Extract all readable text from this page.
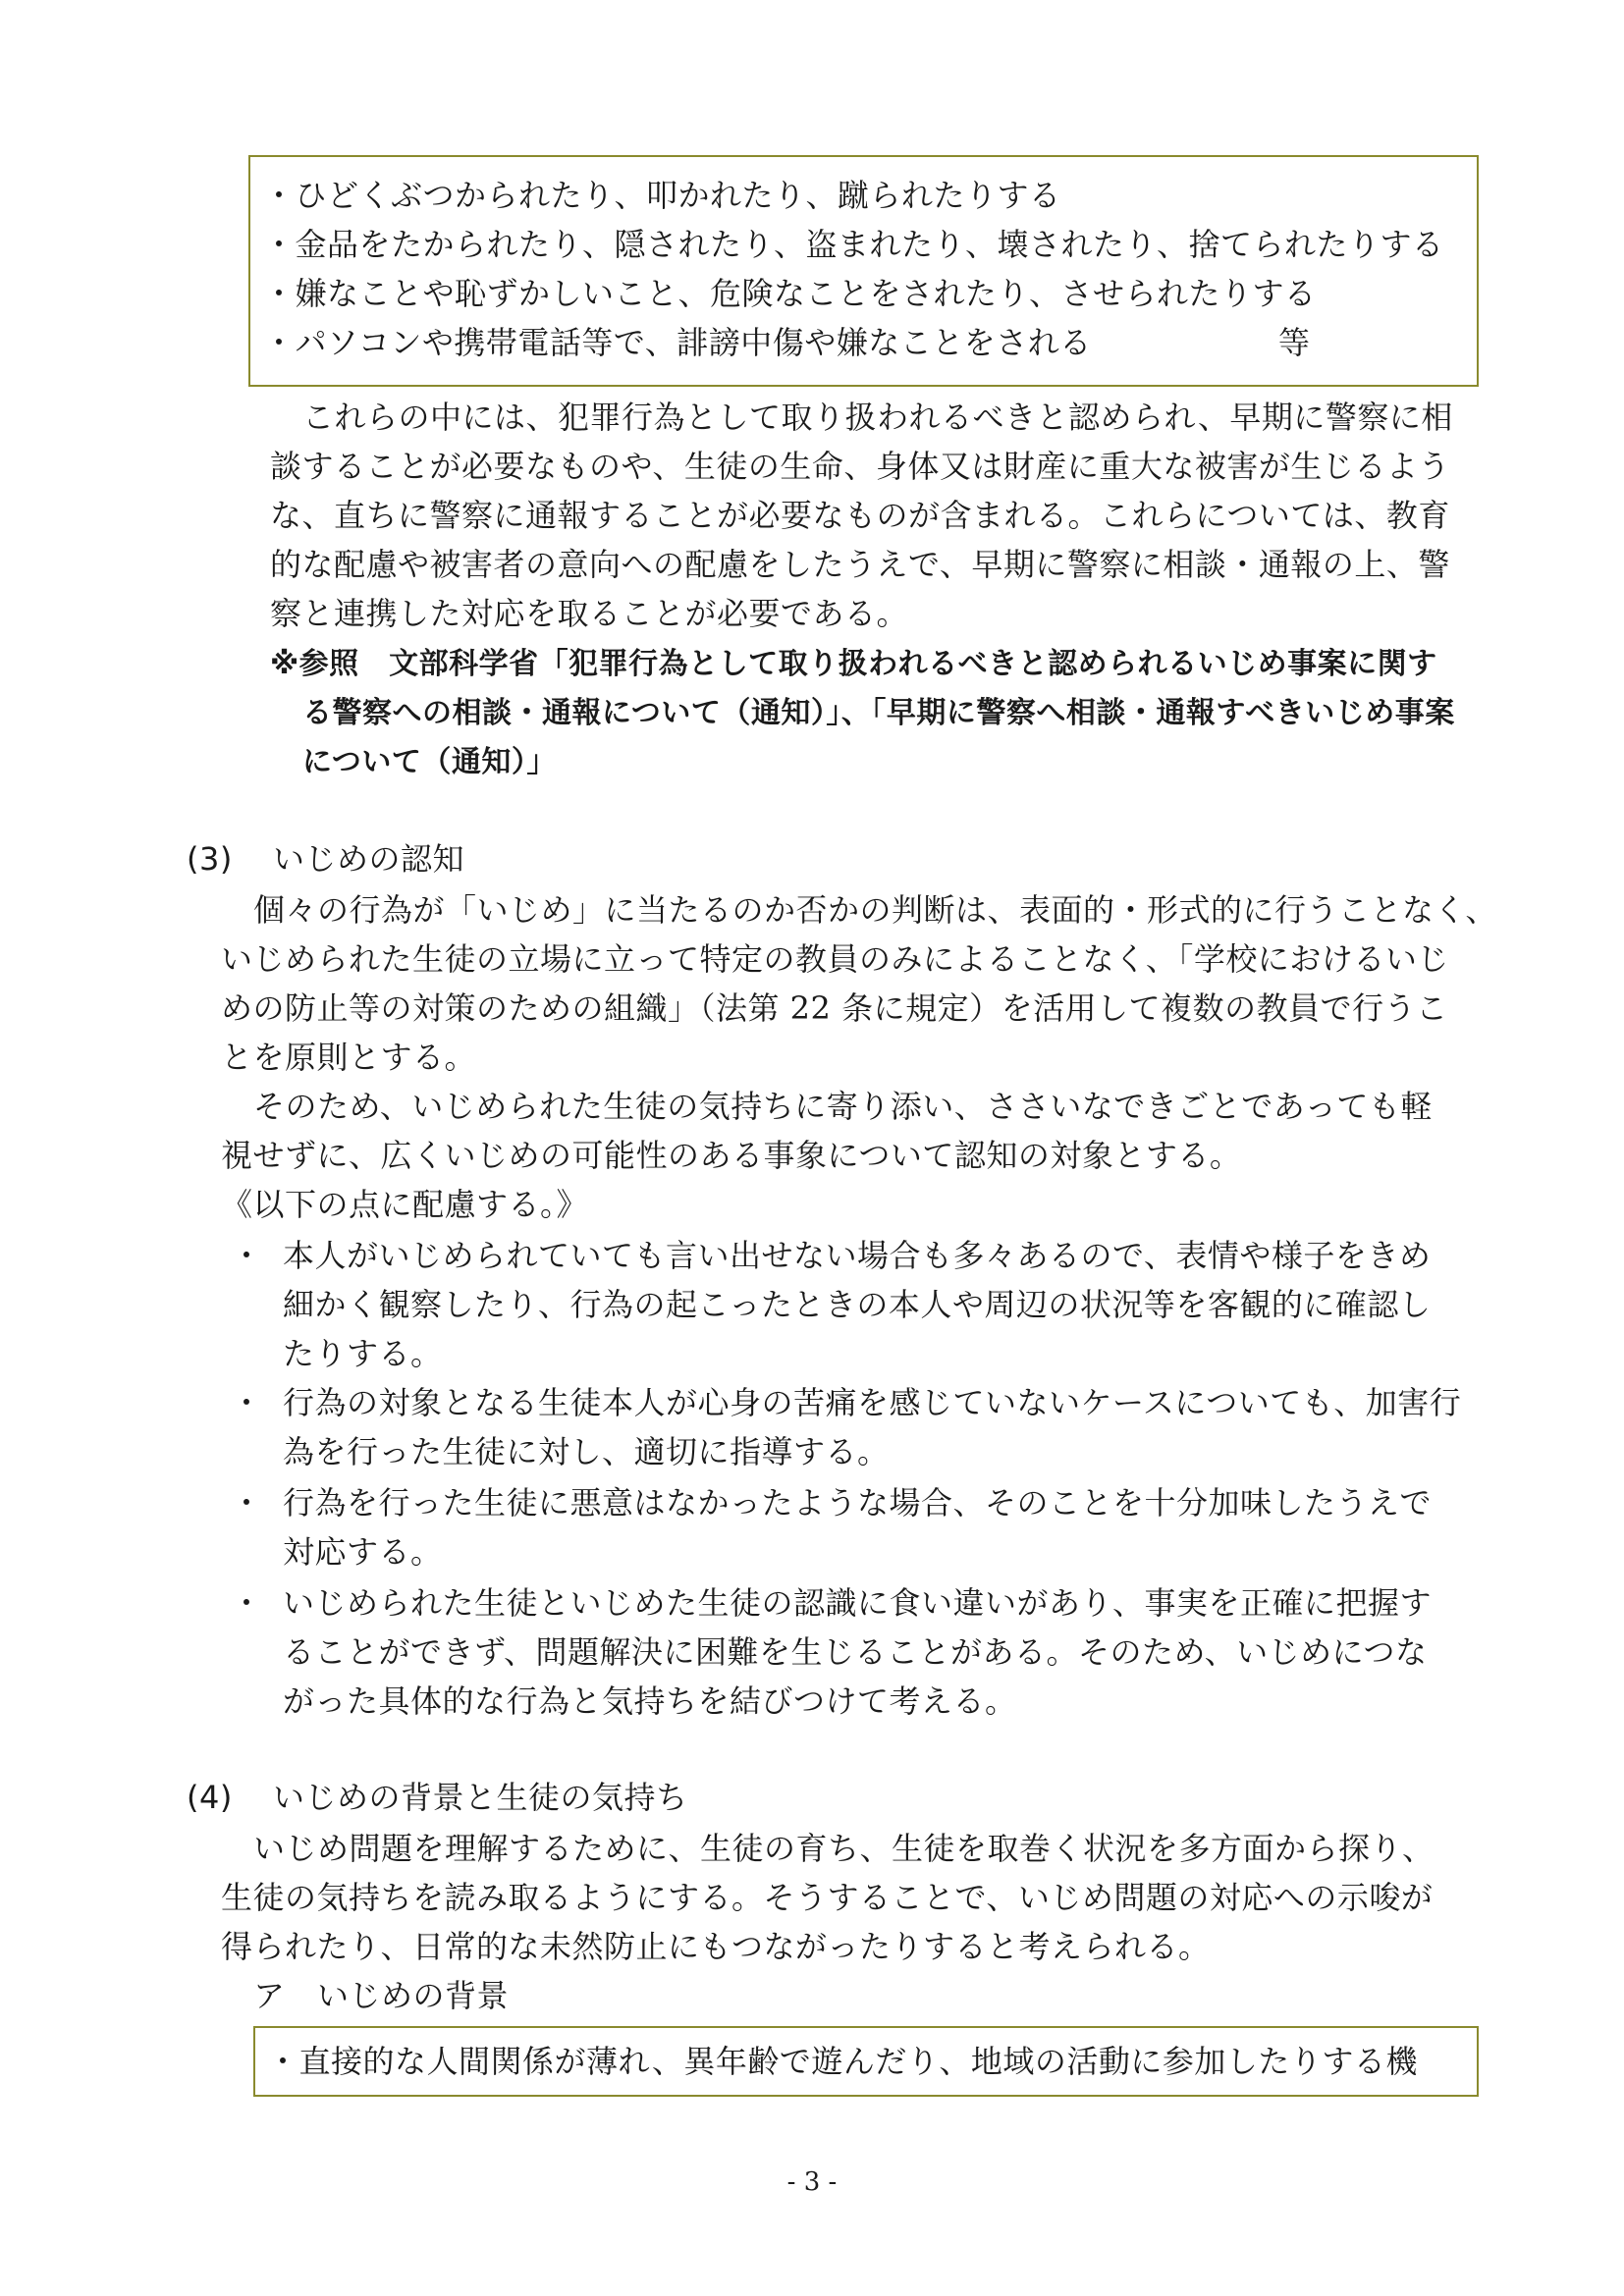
・ひどくぶつかられたり、叩かれたり、蹴られたりする
・金品をたかられたり、隠されたり、盗まれたり、壊されたり、捨てられたりする
・嫌なことや恥ずかしいこと、危険なことをされたり、させられたりする
・パソコンや携帯電話等で、誹謗中傷や嫌なことをされる	等
これらの中には、犯罪行為として取り扱われるべきと認められ、早期に警察に相
談することが必要なものや、生徒の生命、身体又は財産に重大な被害が生じるよう
な、直ちに警察に通報することが必要なものが含まれる。これらについては、教育
的な配慮や被害者の意向への配慮をしたうえで、早期に警察に相談・通報の上、警
察と連携した対応を取ることが必要である。
※参照　文部科学省「犯罪行為として取り扱われるべきと認められるいじめ事案に関す
る警察への相談・通報について（通知）」、「早期に警察へ相談・通報すべきいじめ事案
について（通知）」
(3) いじめの認知
個々の行為が「いじめ」に当たるのか否かの判断は、表面的・形式的に行うことなく、
いじめられた生徒の立場に立って特定の教員のみによることなく、「学校におけるいじ
めの防止等の対策のための組織」（法第 22 条に規定）を活用して複数の教員で行うこ
とを原則とする。
そのため、いじめられた生徒の気持ちに寄り添い、ささいなできごとであっても軽
視せずに、広くいじめの可能性のある事象について認知の対象とする。
《以下の点に配慮する。》
・ 本人がいじめられていても言い出せない場合も多々あるので、表情や様子をきめ
細かく観察したり、行為の起こったときの本人や周辺の状況等を客観的に確認し
たりする。
・ 行為の対象となる生徒本人が心身の苦痛を感じていないケースについても、加害行
為を行った生徒に対し、適切に指導する。
・ 行為を行った生徒に悪意はなかったような場合、そのことを十分加味したうえで
対応する。
・ いじめられた生徒といじめた生徒の認識に食い違いがあり、事実を正確に把握す
ることができず、問題解決に困難を生じることがある。そのため、いじめにつな
がった具体的な行為と気持ちを結びつけて考える。
(4) いじめの背景と生徒の気持ち
いじめ問題を理解するために、生徒の育ち、生徒を取巻く状況を多方面から探り、
生徒の気持ちを読み取るようにする。そうすることで、いじめ問題の対応への示唆が
得られたり、日常的な未然防止にもつながったりすると考えられる。
ア　いじめの背景
・直接的な人間関係が薄れ、異年齢で遊んだり、地域の活動に参加したりする機
- 3 -
